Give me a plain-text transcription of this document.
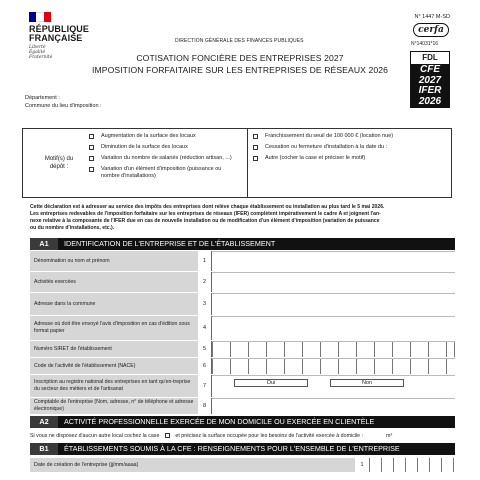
RÉPUBLIQUE
FRANÇAISE
Liberté
Égalité
Fraternité
DIRECTION GÉNÉRALE DES FINANCES PUBLIQUES
COTISATION FONCIÈRE DES ENTREPRISES 2027
IMPOSITION FORFAITAIRE SUR LES ENTREPRISES DE RÉSEAUX 2026
N° 1447 M-SD
cerfa
N°14031*16
FDL
CFE
2027
IFER
2026
Département :
Commune du lieu d'imposition :
Motif(s) du
dépôt :
Augmentation de la surface des locaux
Diminution de la surface des locaux
Variation du nombre de salariés (réduction artisan, ...)
Variation d'un élément d'imposition (puissance ou nombre d'installations)
Franchissement du seuil de 100 000 € (location nue)
Cessation ou fermeture d'installation à la date du :
Autre (cocher la case et préciser le motif)
Cette déclaration est à adresser au service des impôts des entreprises dont relève chaque établissement ou installation au plus tard le 5 mai 2026.
Les entreprises redevables de l'imposition forfaitaire sur les entreprises de réseaux (IFER) complètent impérativement le cadre A et joignent l'an-
nexe relative à la composante de l'IFER due en cas de nouvelle installation ou de modification d'un élément d'imposition (variation de puissance
ou du nombre d'installations, etc.).
A1 IDENTIFICATION DE L'ENTREPRISE ET DE L'ÉTABLISSEMENT
Dénomination ou nom et prénom	1
Activités exercées	2
Adresse dans la commune	3
Adresse où doit être envoyé l'avis d'imposition en cas d'édition sous format papier	4
Numéro SIRET de l'établissement	5
Code de l'activité de l'établissement (NACE)	6
Inscription au registre national des entreprises en tant qu'en-treprise du secteur des métiers et de l'artisanat	7	Oui	Non
Comptable de l'entreprise (Nom, adresse, n° de téléphone et adresse électronique)	8
A2 ACTIVITÉ PROFESSIONNELLE EXERCÉE DE MON DOMICILE OU EXERCÉE EN CLIENTÈLE
Si vous ne disposez d'aucun autre local cochez la case	et précisez la surface occupée pour les besoins de l'activité exercée à domicile :	m²
B1 ÉTABLISSEMENTS SOUMIS À LA CFE : RENSEIGNEMENTS POUR L'ENSEMBLE DE L'ENTREPRISE
Date de création de l'entreprise (jj/mm/aaaa)	1
